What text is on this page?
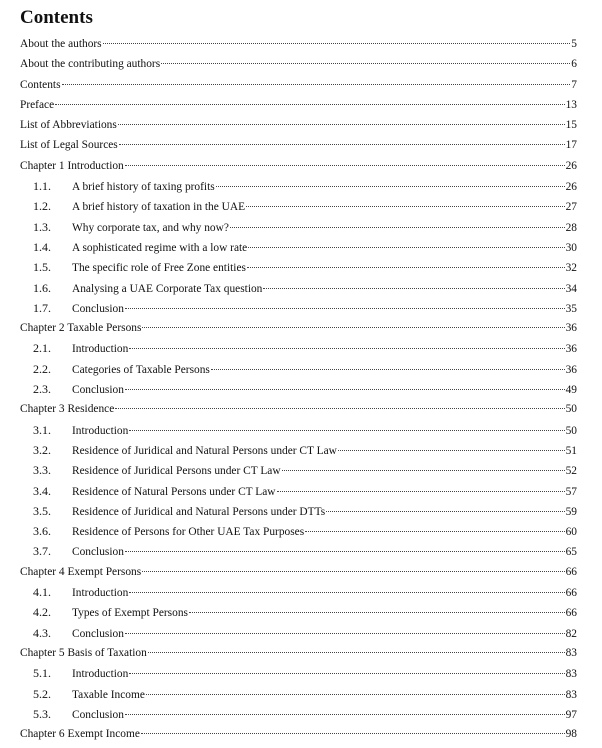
Contents
About the authors	5
About the contributing authors	6
Contents	7
Preface	13
List of Abbreviations	15
List of Legal Sources	17
Chapter 1 Introduction	26
1.1.	A brief history of taxing profits	26
1.2.	A brief history of taxation in the UAE	27
1.3.	Why corporate tax, and why now?	28
1.4.	A sophisticated regime with a low rate	30
1.5.	The specific role of Free Zone entities	32
1.6.	Analysing a UAE Corporate Tax question	34
1.7.	Conclusion	35
Chapter 2 Taxable Persons	36
2.1.	Introduction	36
2.2.	Categories of Taxable Persons	36
2.3.	Conclusion	49
Chapter 3 Residence	50
3.1.	Introduction	50
3.2.	Residence of Juridical and Natural Persons under CT Law	51
3.3.	Residence of Juridical Persons under CT Law	52
3.4.	Residence of Natural Persons under CT Law	57
3.5.	Residence of Juridical and Natural Persons under DTTs	59
3.6.	Residence of Persons for Other UAE Tax Purposes	60
3.7.	Conclusion	65
Chapter 4 Exempt Persons	66
4.1.	Introduction	66
4.2.	Types of Exempt Persons	66
4.3.	Conclusion	82
Chapter 5 Basis of Taxation	83
5.1.	Introduction	83
5.2.	Taxable Income	83
5.3.	Conclusion	97
Chapter 6 Exempt Income	98
